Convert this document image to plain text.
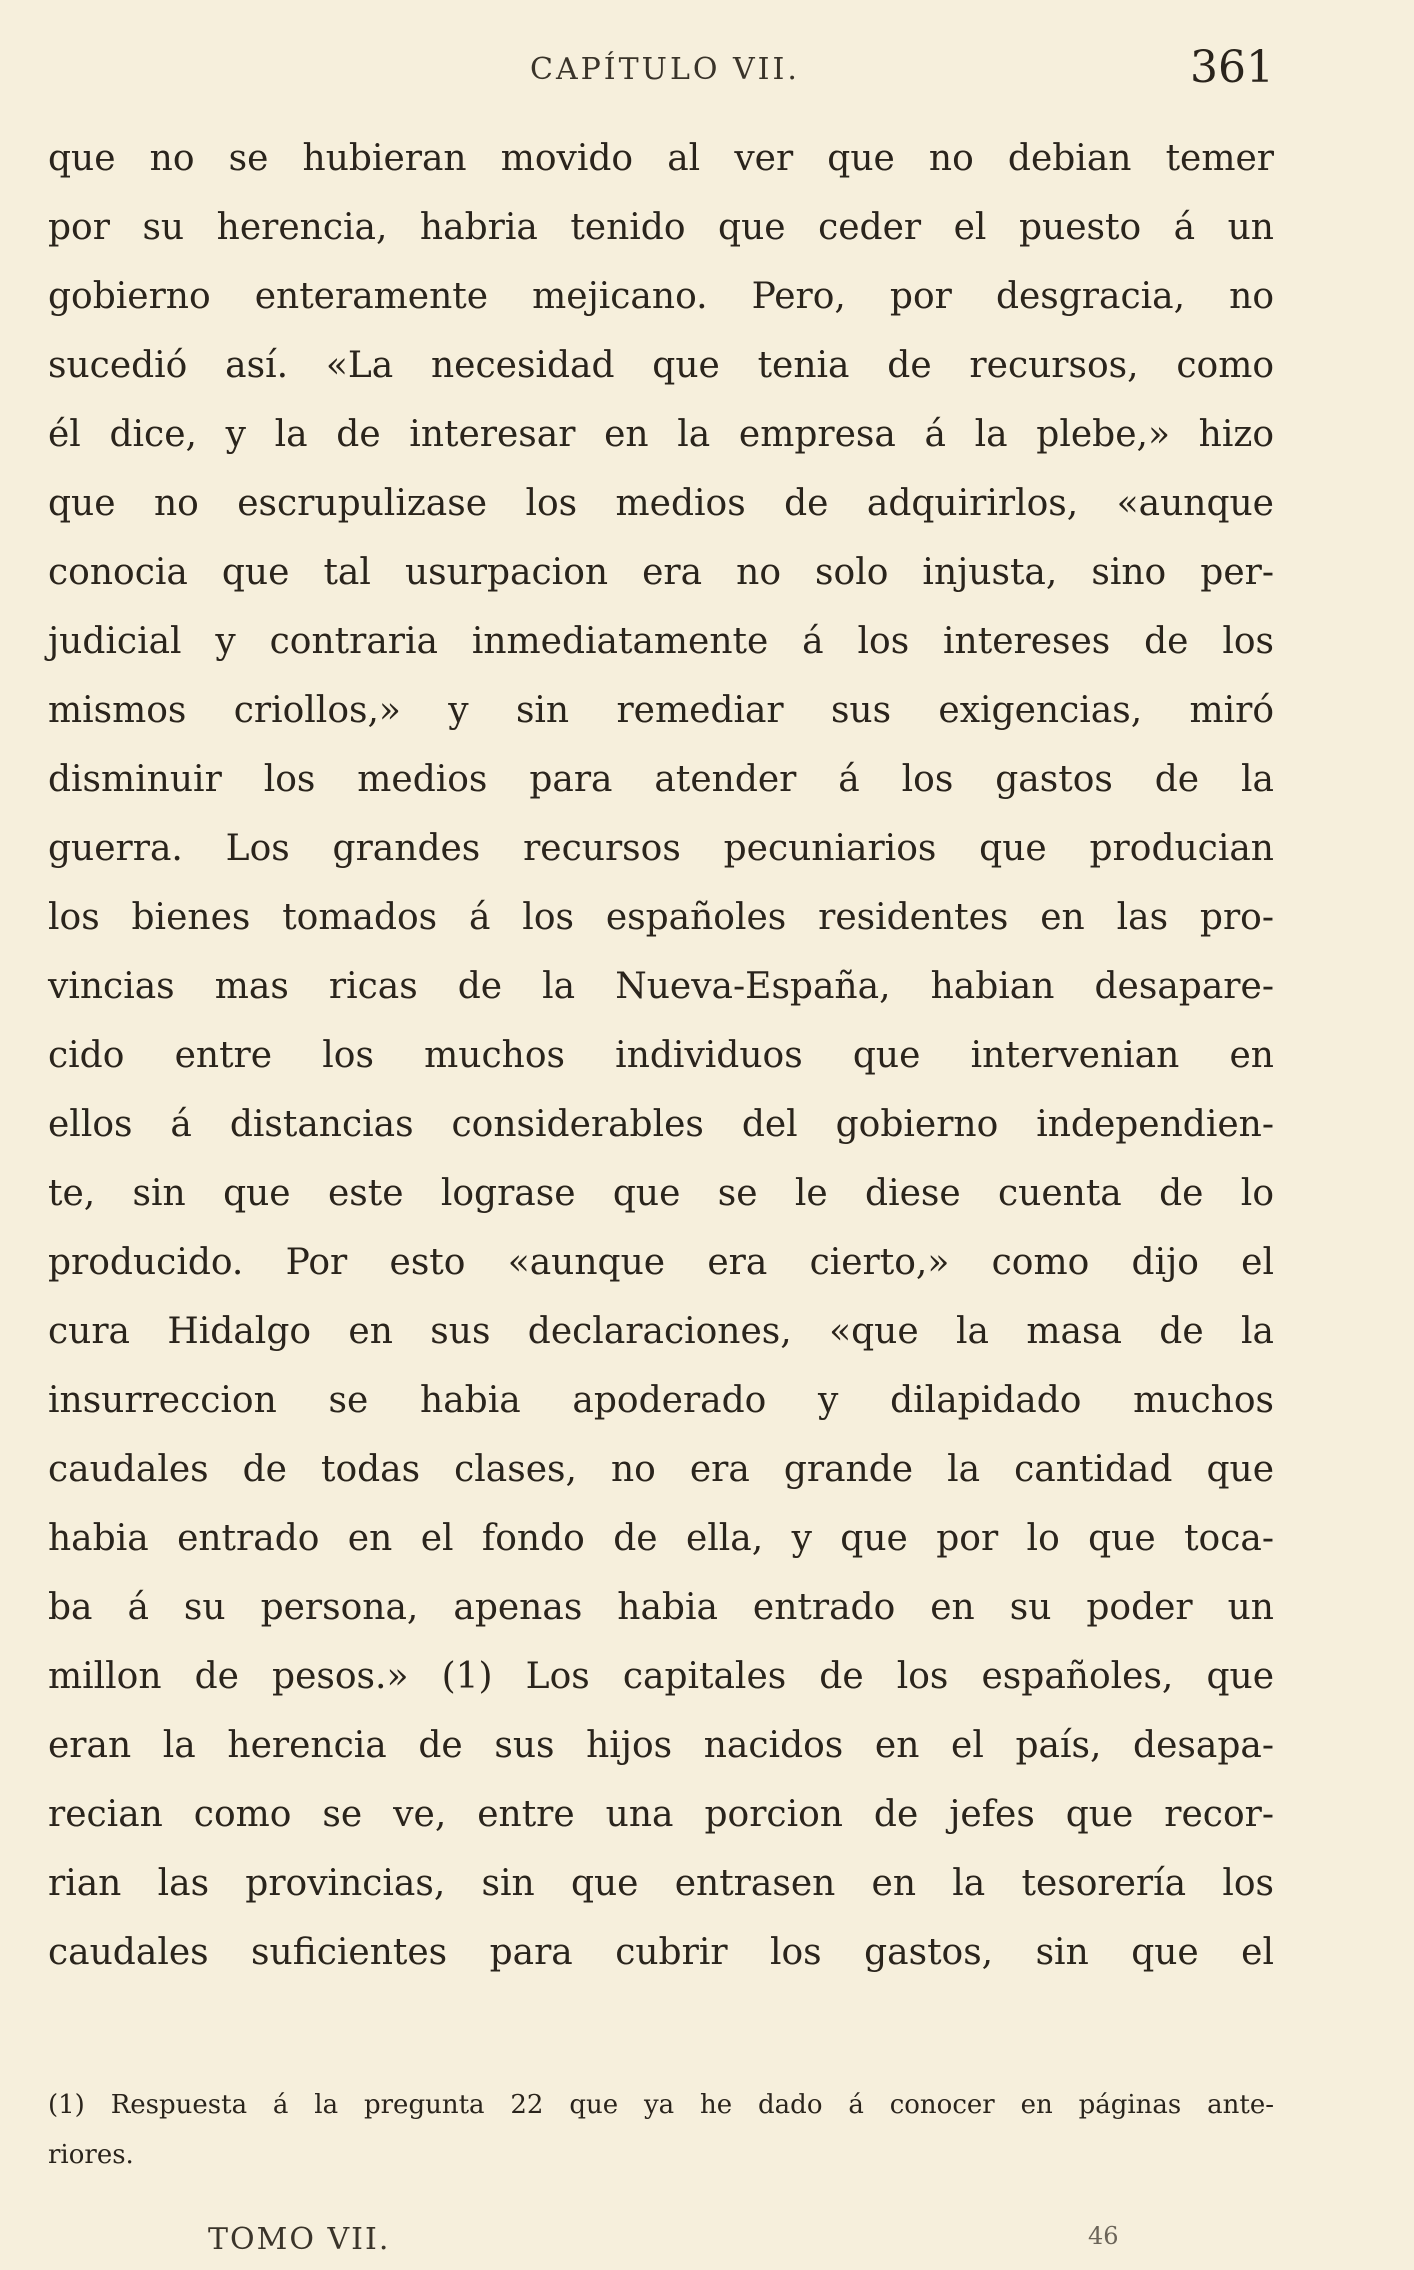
CAPÍTULO VII.	361
que no se hubieran movido al ver que no debian temer
por su herencia, habria tenido que ceder el puesto á un
gobierno enteramente mejicano. Pero, por desgracia, no
sucedió así. «La necesidad que tenia de recursos, como
él dice, y la de interesar en la empresa á la plebe,» hizo
que no escrupulizase los medios de adquirirlos, «aunque
conocia que tal usurpacion era no solo injusta, sino per-
judicial y contraria inmediatamente á los intereses de los
mismos criollos,» y sin remediar sus exigencias, miró
disminuir los medios para atender á los gastos de la
guerra. Los grandes recursos pecuniarios que producian
los bienes tomados á los españoles residentes en las pro-
vincias mas ricas de la Nueva-España, habian desapare-
cido entre los muchos individuos que intervenian en
ellos á distancias considerables del gobierno independien-
te, sin que este lograse que se le diese cuenta de lo
producido. Por esto «aunque era cierto,» como dijo el
cura Hidalgo en sus declaraciones, «que la masa de la
insurreccion se habia apoderado y dilapidado muchos
caudales de todas clases, no era grande la cantidad que
habia entrado en el fondo de ella, y que por lo que toca-
ba á su persona, apenas habia entrado en su poder un
millon de pesos.» (1) Los capitales de los españoles, que
eran la herencia de sus hijos nacidos en el país, desapa-
recian como se ve, entre una porcion de jefes que recor-
rian las provincias, sin que entrasen en la tesorería los
caudales suficientes para cubrir los gastos, sin que el
(1) Respuesta á la pregunta 22 que ya he dado á conocer en páginas ante-
riores.
TOMO VII.	46
